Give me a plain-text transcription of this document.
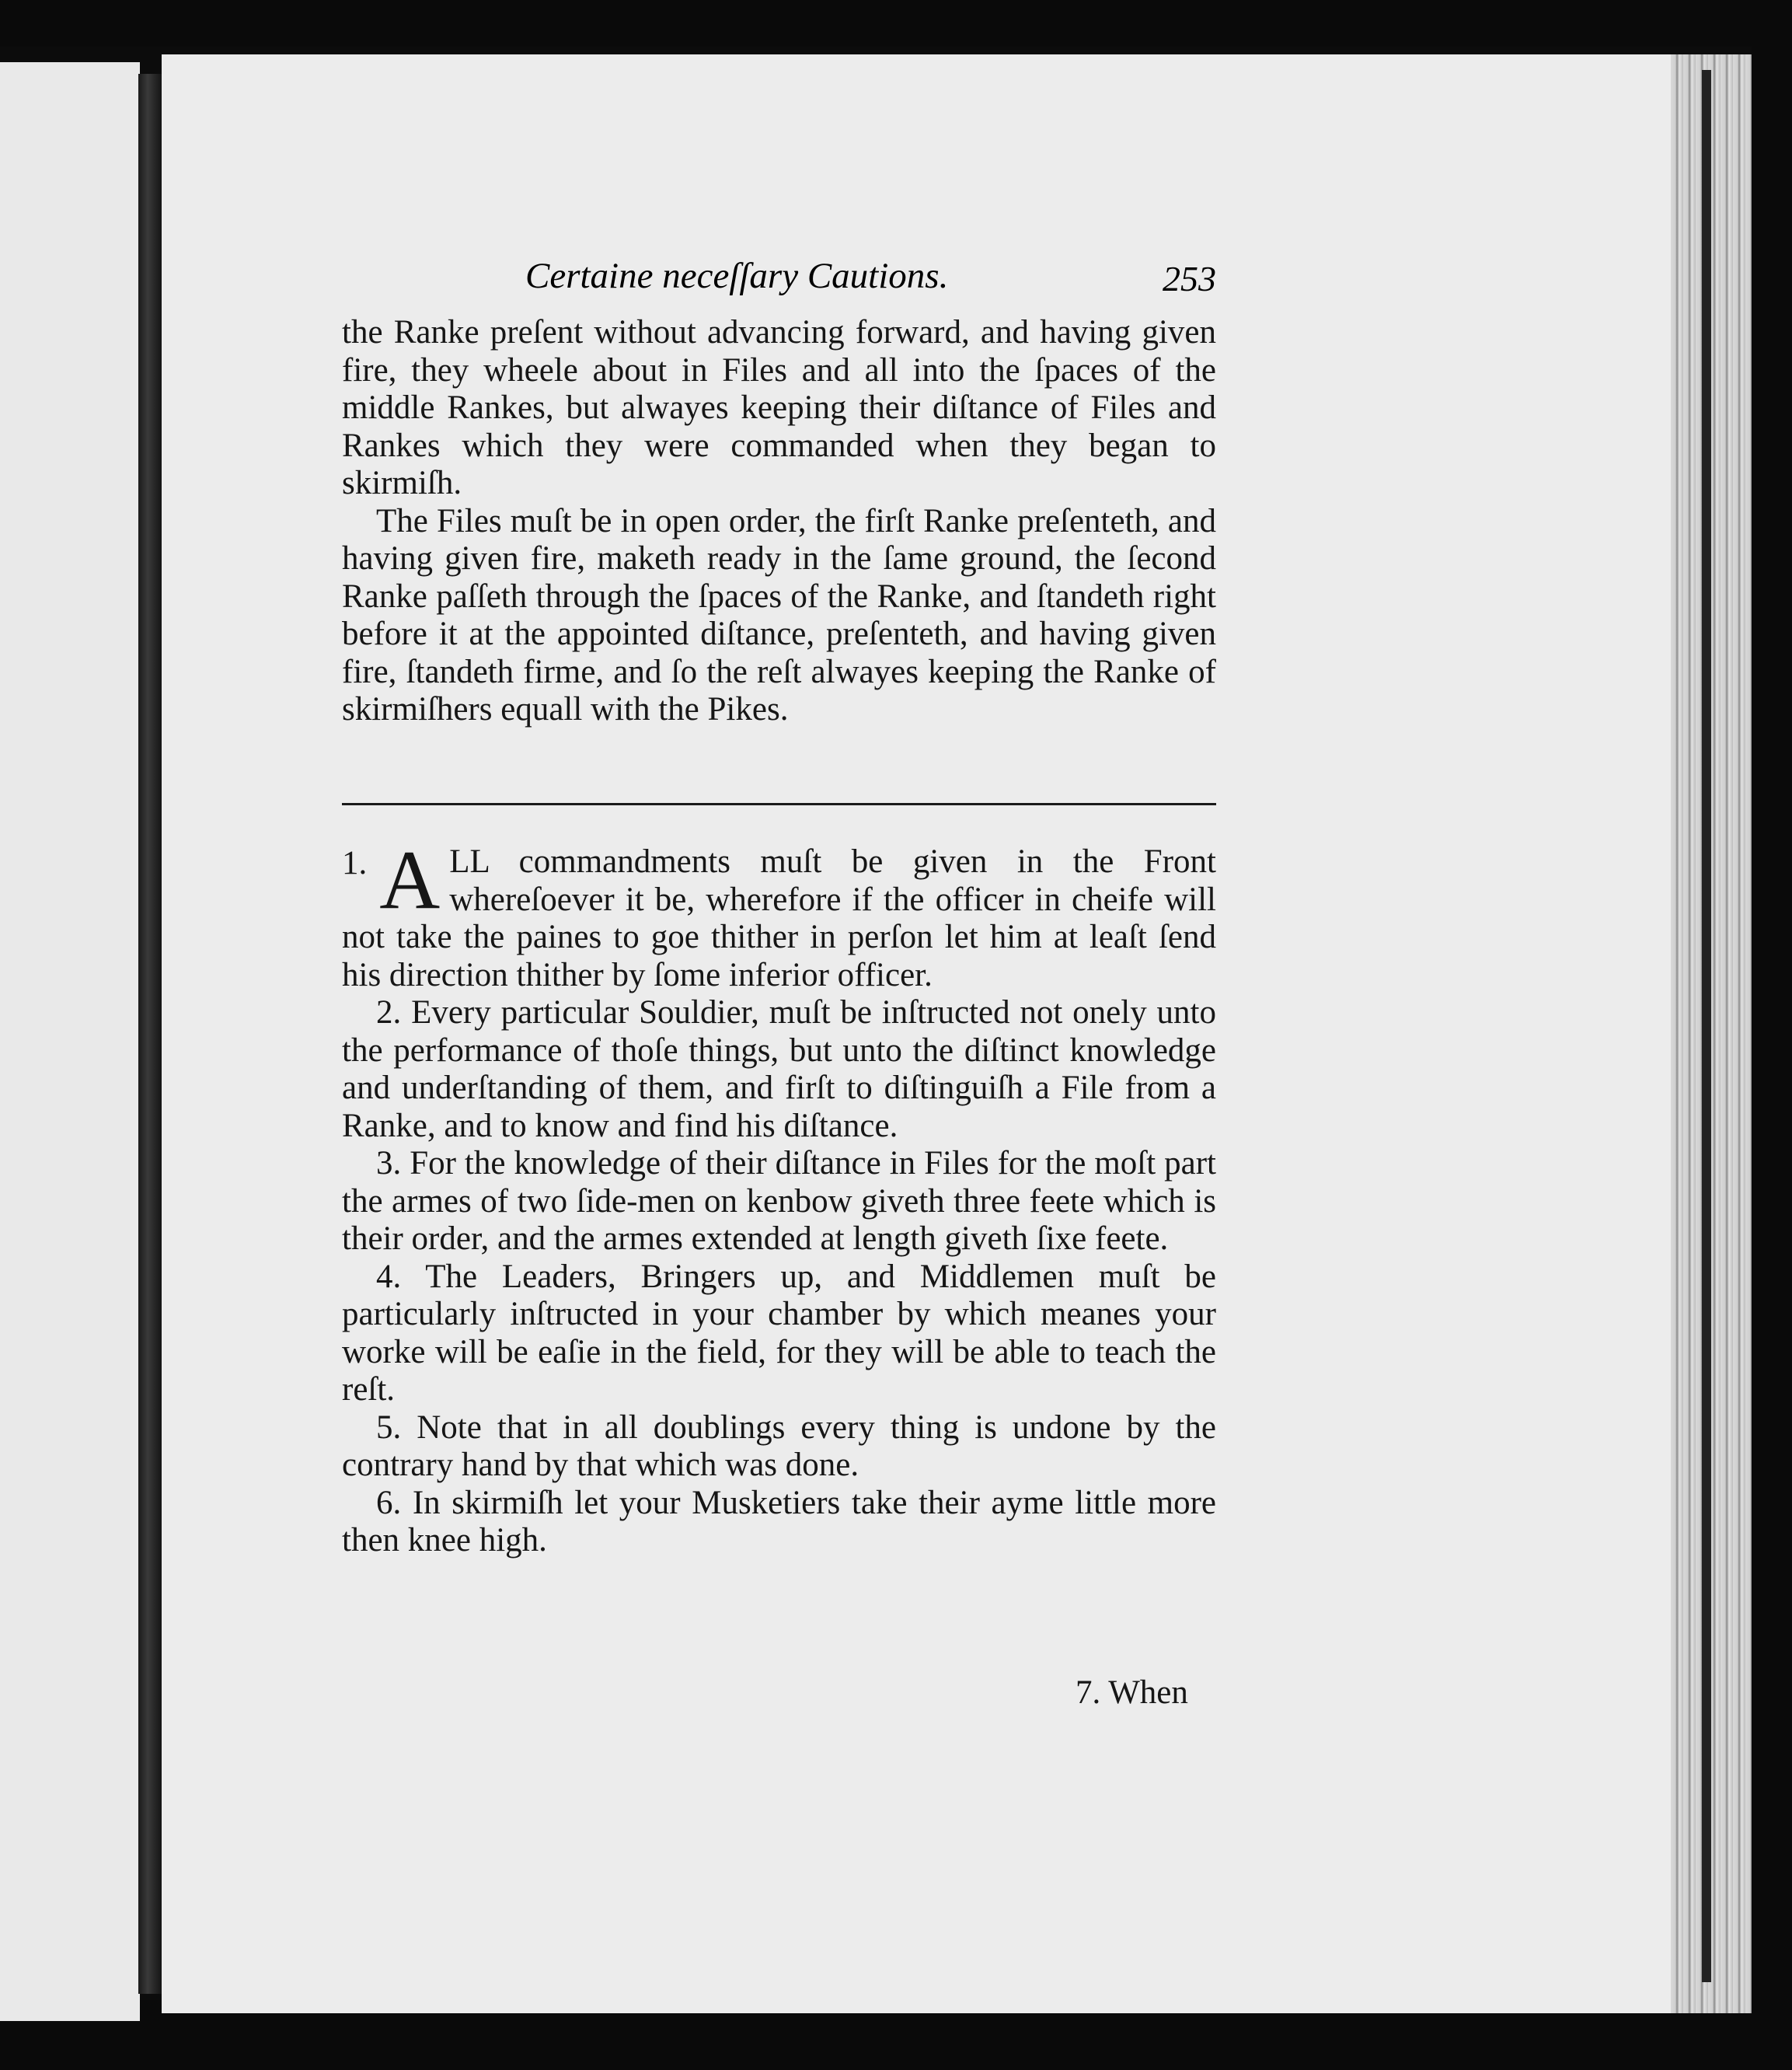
Certaine neceſſary Cautions.	253

the Ranke preſent without advancing forward, and having given fire, they wheele about in Files and all into the ſpaces of the middle Rankes, but alwayes keeping their diſtance of Files and Rankes which they were commanded when they began to skirmiſh.

The Files muſt be in open order, the firſt Ranke preſenteth, and having given fire, maketh ready in the ſame ground, the ſecond Ranke paſſeth through the ſpaces of the Ranke, and ſtandeth right before it at the appointed diſtance, preſenteth, and having given fire, ſtandeth firme, and ſo the reſt alwayes keeping the Ranke of skirmiſhers equall with the Pikes.

1. A LL commandments muſt be given in the Front whereſoever it be, wherefore if the officer in cheife will not take the paines to goe thither in perſon let him at leaſt ſend his direction thither by ſome inferior officer.

2. Every particular Souldier, muſt be inſtructed not onely unto the performance of thoſe things, but unto the diſtinct knowledge and underſtanding of them, and firſt to diſtinguiſh a File from a Ranke, and to know and find his diſtance.

3. For the knowledge of their diſtance in Files for the moſt part the armes of two ſide-men on kenbow giveth three feete which is their order, and the armes extended at length giveth ſixe feete.

4. The Leaders, Bringers up, and Middlemen muſt be particularly inſtructed in your chamber by which meanes your worke will be eaſie in the field, for they will be able to teach the reſt.

5. Note that in all doublings every thing is undone by the contrary hand by that which was done.

6. In skirmiſh let your Musketiers take their ayme little more then knee high.

7. When
